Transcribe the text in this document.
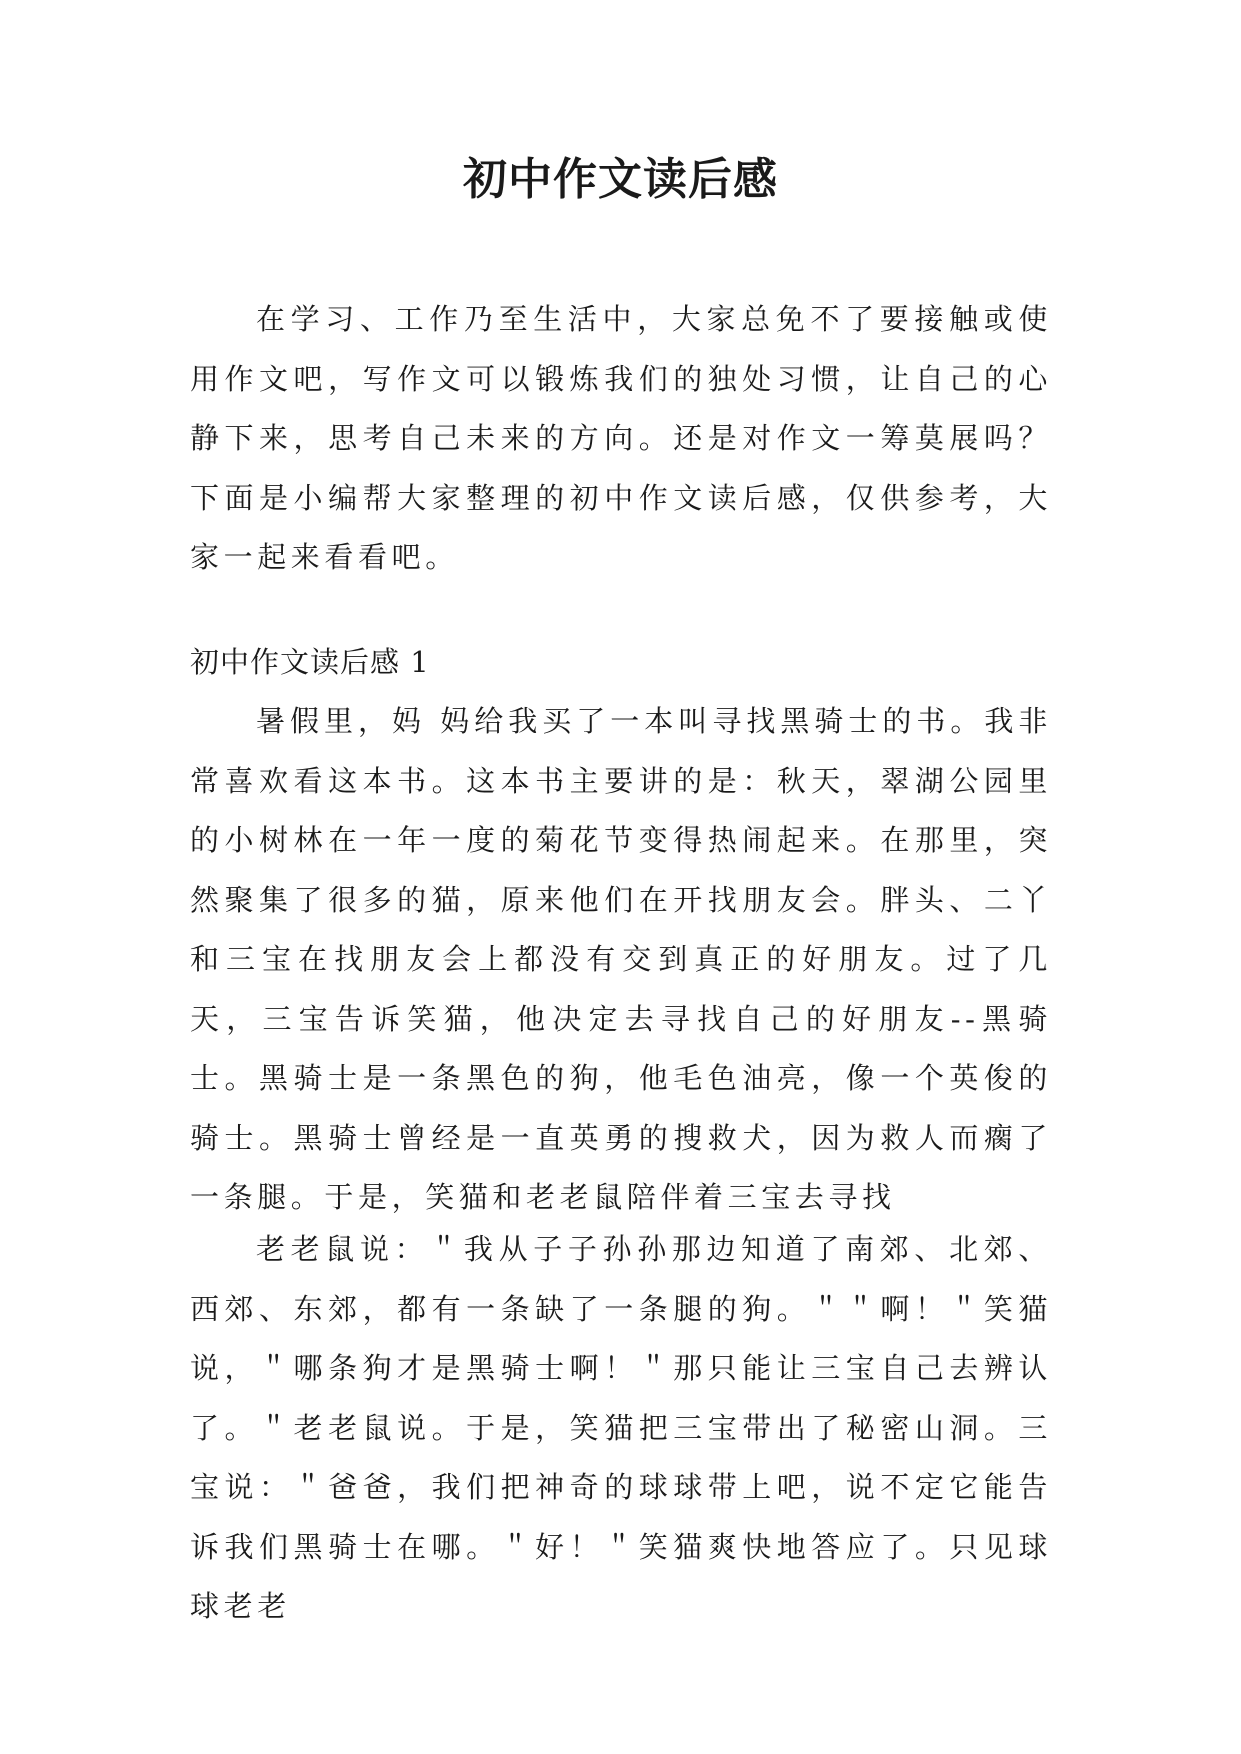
初中作文读后感
在学习、工作乃至生活中，大家总免不了要接触或使用作文吧，写作文可以锻炼我们的独处习惯，让自己的心静下来，思考自己未来的方向。还是对作文一筹莫展吗？下面是小编帮大家整理的初中作文读后感，仅供参考，大家一起来看看吧。
初中作文读后感 1
暑假里，妈 妈给我买了一本叫寻找黑骑士的书。我非常喜欢看这本书。这本书主要讲的是：秋天，翠湖公园里的小树林在一年一度的菊花节变得热闹起来。在那里，突然聚集了很多的猫，原来他们在开找朋友会。胖头、二丫和三宝在找朋友会上都没有交到真正的好朋友。过了几天，三宝告诉笑猫，他决定去寻找自己的好朋友--黑骑士。黑骑士是一条黑色的狗，他毛色油亮，像一个英俊的骑士。黑骑士曾经是一直英勇的搜救犬，因为救人而瘸了一条腿。于是，笑猫和老老鼠陪伴着三宝去寻找
老老鼠说：＂我从子子孙孙那边知道了南郊、北郊、西郊、东郊，都有一条缺了一条腿的狗。＂＂啊！＂笑猫说，＂哪条狗才是黑骑士啊！＂那只能让三宝自己去辨认了。＂老老鼠说。于是，笑猫把三宝带出了秘密山洞。三宝说：＂爸爸，我们把神奇的球球带上吧，说不定它能告诉我们黑骑士在哪。＂好！＂笑猫爽快地答应了。只见球球老老
